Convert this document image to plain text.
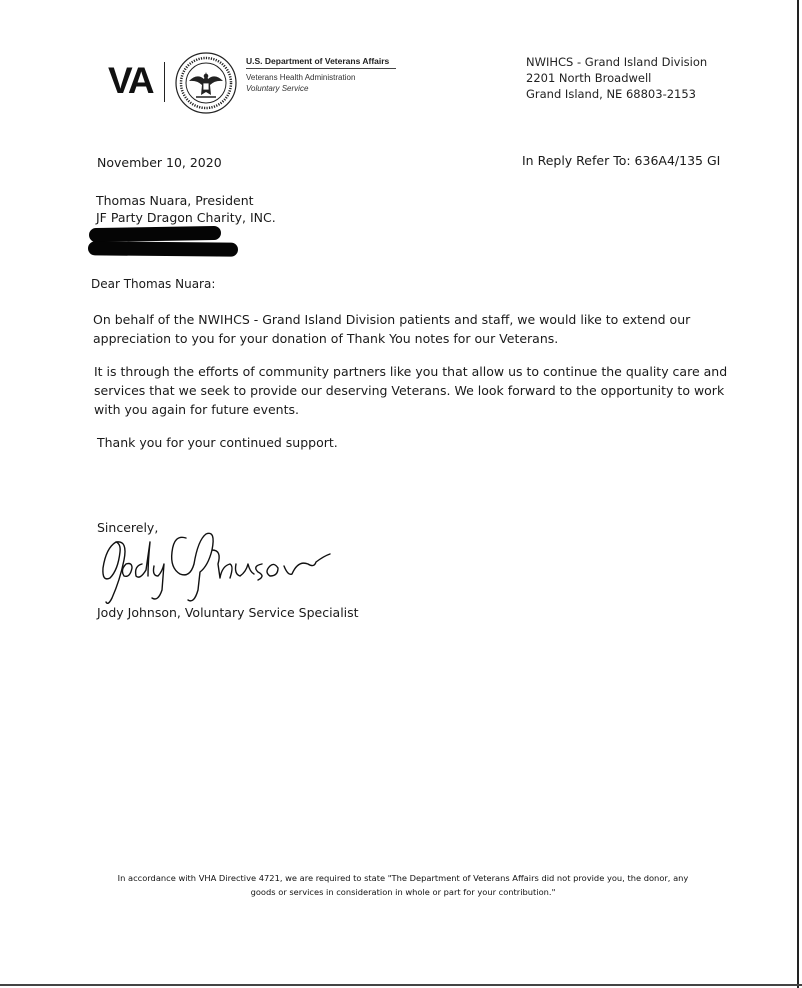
VA	U.S. Department of Veterans Affairs
Veterans Health Administration
Voluntary Service
NWIHCS - Grand Island Division
2201 North Broadwell
Grand Island, NE 68803-2153
November 10, 2020	In Reply Refer To: 636A4/135 GI
Thomas Nuara, President
JF Party Dragon Charity, INC.
Dear Thomas Nuara:
On behalf of the NWIHCS - Grand Island Division patients and staff, we would like to extend our
appreciation to you for your donation of Thank You notes for our Veterans.
It is through the efforts of community partners like you that allow us to continue the quality care and
services that we seek to provide our deserving Veterans. We look forward to the opportunity to work
with you again for future events.
Thank you for your continued support.
Sincerely,
Jody Johnson, Voluntary Service Specialist
In accordance with VHA Directive 4721, we are required to state "The Department of Veterans Affairs did not provide you, the donor, any
goods or services in consideration in whole or part for your contribution."
